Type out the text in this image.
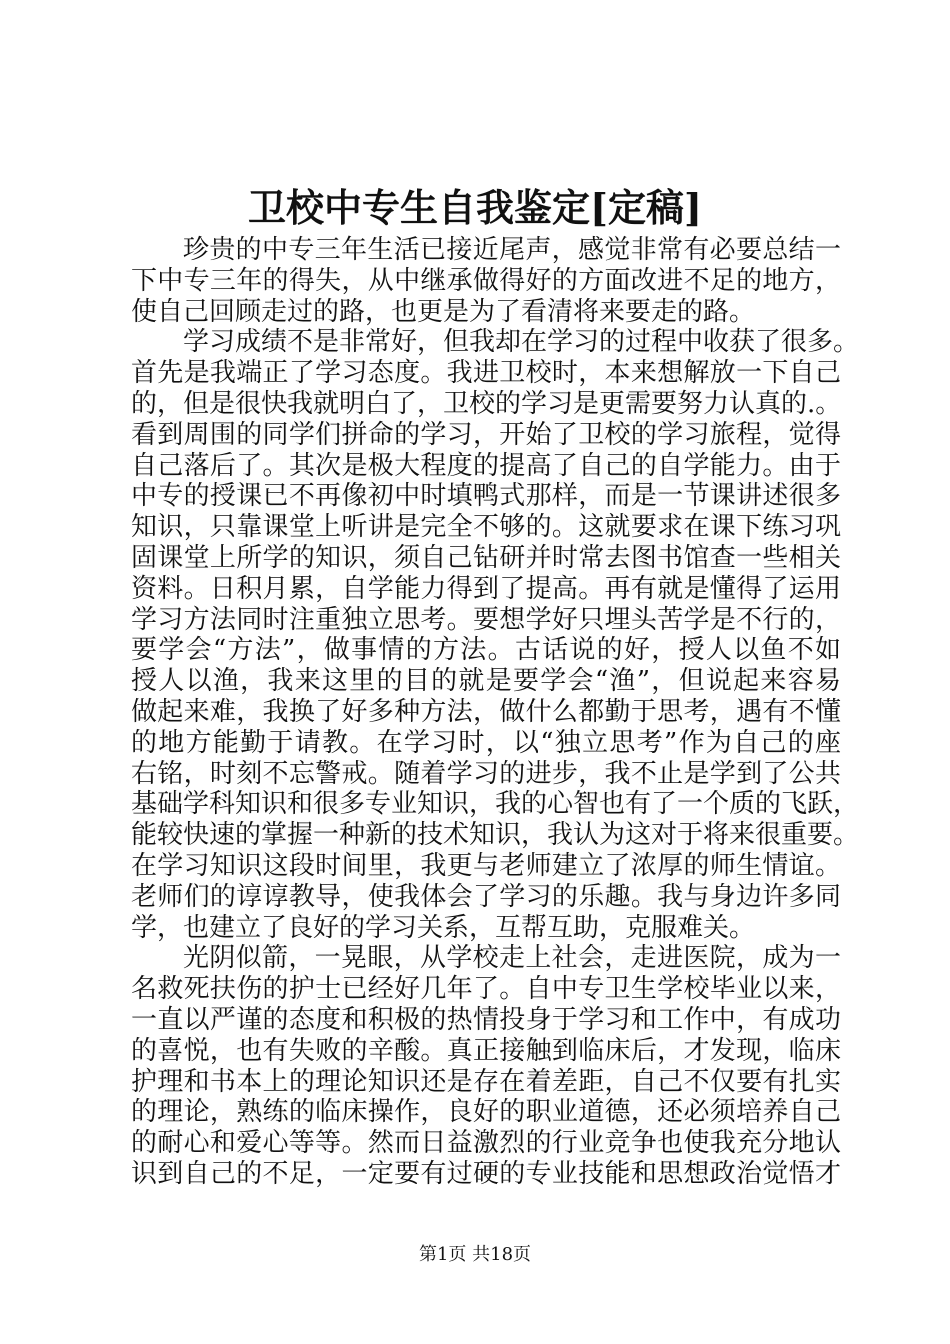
卫校中专生自我鉴定[定稿]
珍贵的中专三年生活已接近尾声，感觉非常有必要总结一
下中专三年的得失，从中继承做得好的方面改进不足的地方，
使自己回顾走过的路，也更是为了看清将来要走的路。
学习成绩不是非常好，但我却在学习的过程中收获了很多。
首先是我端正了学习态度。我进卫校时，本来想解放一下自己
的，但是很快我就明白了，卫校的学习是更需要努力认真的.。
看到周围的同学们拼命的学习，开始了卫校的学习旅程，觉得
自己落后了。其次是极大程度的提高了自己的自学能力。由于
中专的授课已不再像初中时填鸭式那样，而是一节课讲述很多
知识，只靠课堂上听讲是完全不够的。这就要求在课下练习巩
固课堂上所学的知识，须自己钻研并时常去图书馆查一些相关
资料。日积月累，自学能力得到了提高。再有就是懂得了运用
学习方法同时注重独立思考。要想学好只埋头苦学是不行的，
要学会“方法”，做事情的方法。古话说的好，授人以鱼不如
授人以渔，我来这里的目的就是要学会“渔”，但说起来容易
做起来难，我换了好多种方法，做什么都勤于思考，遇有不懂
的地方能勤于请教。在学习时，以“独立思考”作为自己的座
右铭，时刻不忘警戒。随着学习的进步，我不止是学到了公共
基础学科知识和很多专业知识，我的心智也有了一个质的飞跃，
能较快速的掌握一种新的技术知识，我认为这对于将来很重要。
在学习知识这段时间里，我更与老师建立了浓厚的师生情谊。
老师们的谆谆教导，使我体会了学习的乐趣。我与身边许多同
学，也建立了良好的学习关系，互帮互助，克服难关。
光阴似箭，一晃眼，从学校走上社会，走进医院，成为一
名救死扶伤的护士已经好几年了。自中专卫生学校毕业以来，
一直以严谨的态度和积极的热情投身于学习和工作中，有成功
的喜悦，也有失败的辛酸。真正接触到临床后，才发现，临床
护理和书本上的理论知识还是存在着差距，自己不仅要有扎实
的理论，熟练的临床操作，良好的职业道德，还必须培养自己
的耐心和爱心等等。然而日益激烈的行业竞争也使我充分地认
识到自己的不足，一定要有过硬的专业技能和思想政治觉悟才
第1页 共18页
